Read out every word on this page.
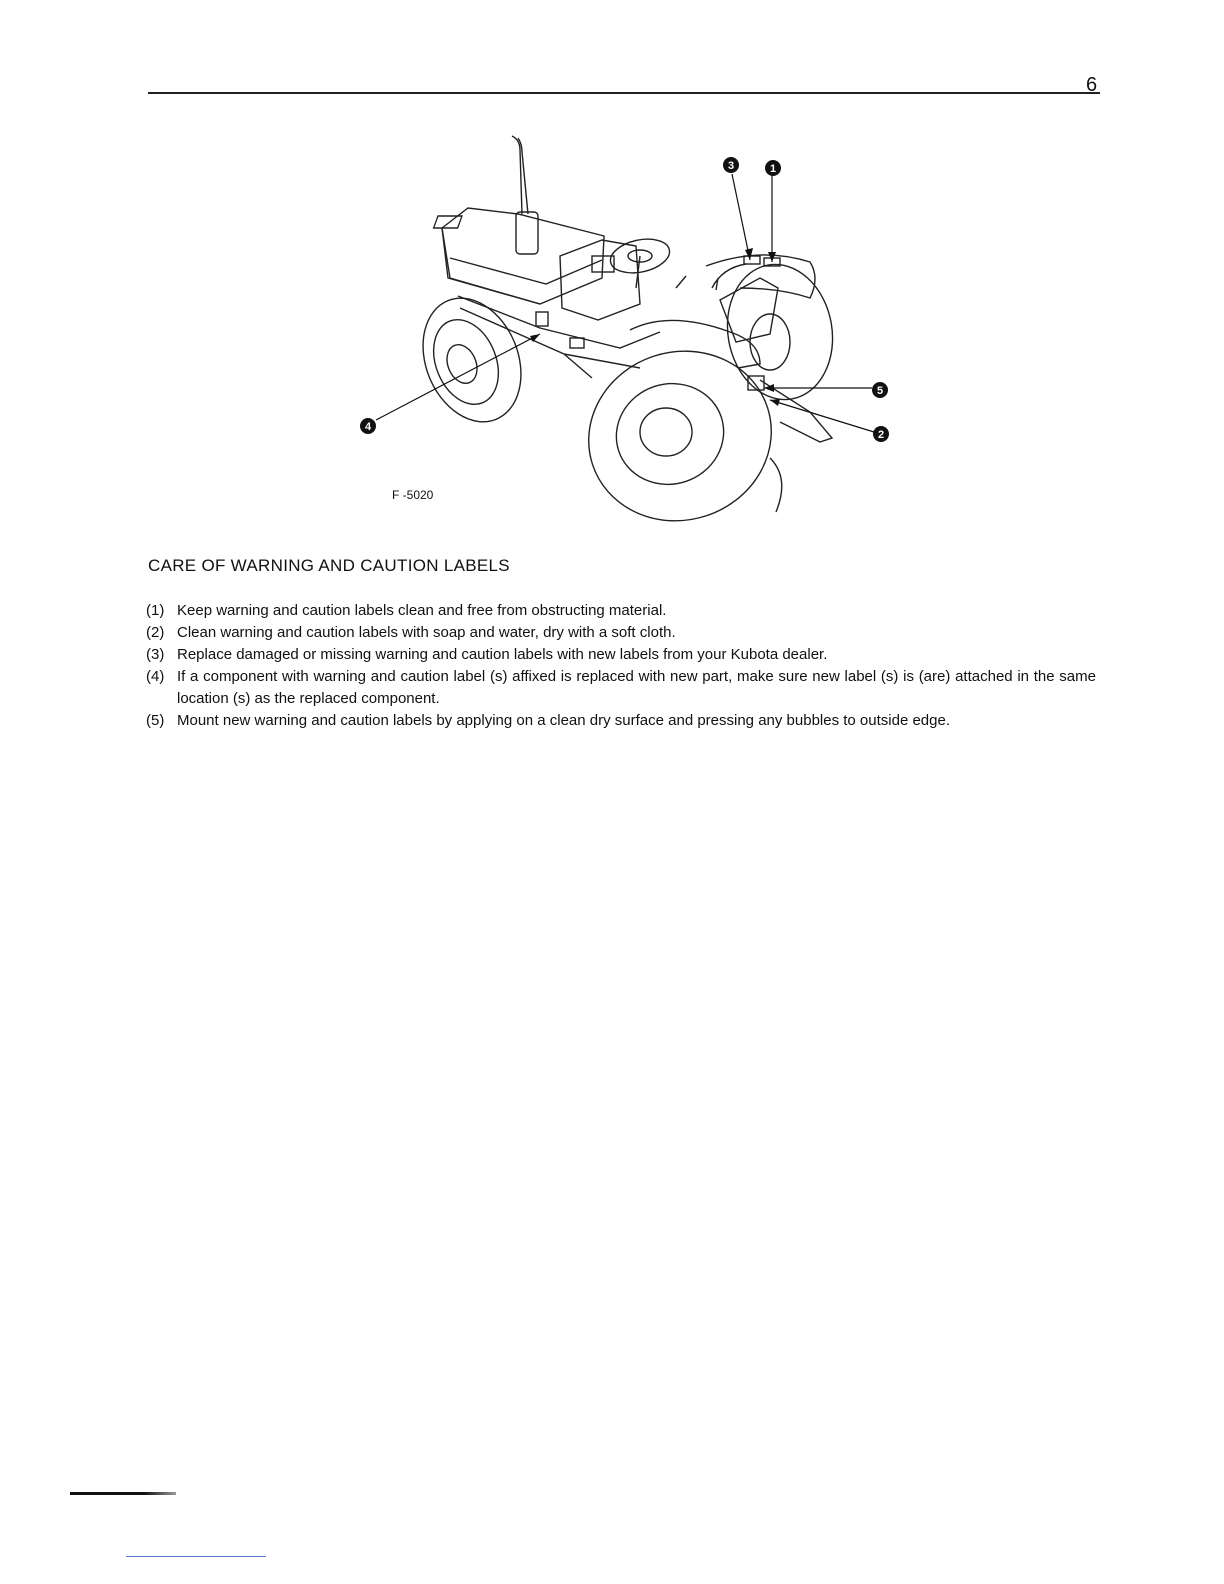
6
1
3
4
5
2
F -5020
CARE OF WARNING AND CAUTION LABELS
(1) Keep warning and caution labels clean and free from obstructing material.
(2) Clean warning and caution labels with soap and water, dry with a soft cloth.
(3) Replace damaged or missing warning and caution labels with new labels from your Kubota dealer.
(4) If a component with warning and caution label (s) affixed is replaced with new part, make sure new label (s) is (are) attached in the same location (s) as the replaced component.
(5) Mount new warning and caution labels by applying on a clean dry surface and pressing any bubbles to outside edge.
